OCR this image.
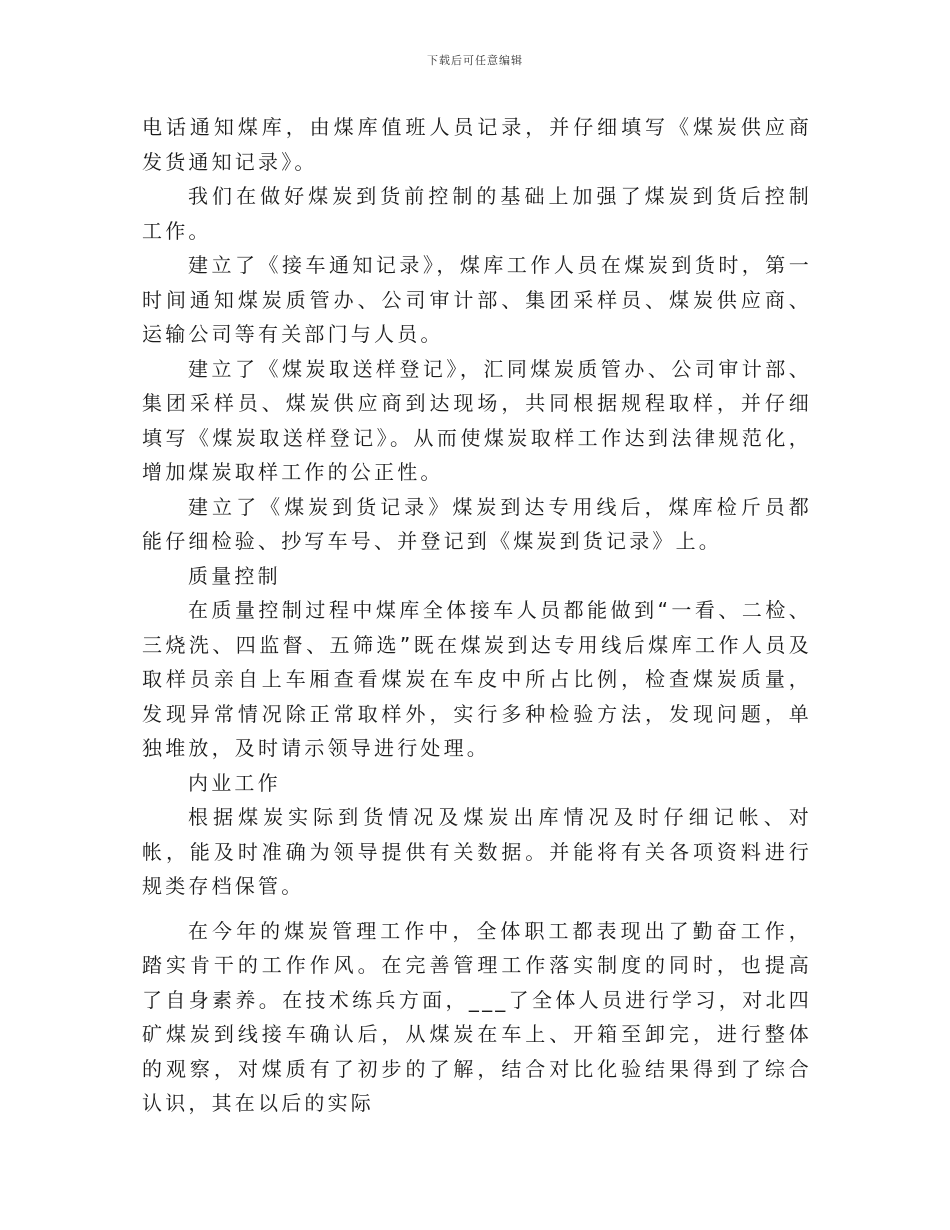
下载后可任意编辑

电话通知煤库，由煤库值班人员记录，并仔细填写《煤炭供应商发货通知记录》。

我们在做好煤炭到货前控制的基础上加强了煤炭到货后控制工作。

建立了《接车通知记录》，煤库工作人员在煤炭到货时，第一时间通知煤炭质管办、公司审计部、集团采样员、煤炭供应商、运输公司等有关部门与人员。

建立了《煤炭取送样登记》，汇同煤炭质管办、公司审计部、集团采样员、煤炭供应商到达现场，共同根据规程取样，并仔细填写《煤炭取送样登记》。从而使煤炭取样工作达到法律规范化，增加煤炭取样工作的公正性。

建立了《煤炭到货记录》煤炭到达专用线后，煤库检斤员都能仔细检验、抄写车号、并登记到《煤炭到货记录》上。

质量控制

在质量控制过程中煤库全体接车人员都能做到“一看、二检、三烧洗、四监督、五筛选”既在煤炭到达专用线后煤库工作人员及取样员亲自上车厢查看煤炭在车皮中所占比例，检查煤炭质量，发现异常情况除正常取样外，实行多种检验方法，发现问题，单独堆放，及时请示领导进行处理。

内业工作

根据煤炭实际到货情况及煤炭出库情况及时仔细记帐、对帐，能及时准确为领导提供有关数据。并能将有关各项资料进行规类存档保管。

在今年的煤炭管理工作中，全体职工都表现出了勤奋工作，踏实肯干的工作作风。在完善管理工作落实制度的同时，也提高了自身素养。在技术练兵方面，___了全体人员进行学习，对北四矿煤炭到线接车确认后，从煤炭在车上、开箱至卸完，进行整体的观察，对煤质有了初步的了解，结合对比化验结果得到了综合认识，其在以后的实际
